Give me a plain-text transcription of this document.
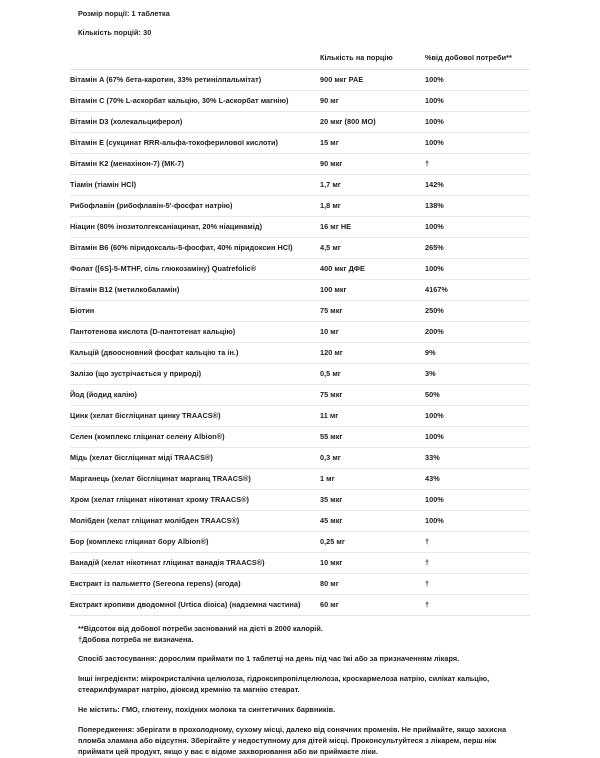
Розмір порції: 1 таблетка
Кількість порцій: 30
	Кількість на порцію	%від добової потреби**
Вітамін A (67% бета-каротин, 33% ретинілпальмітат)	900 мкг PAE	100%
Вітамін C (70% L-аскорбат кальцію, 30% L-аскорбат магнію)	90 мг	100%
Вітамін D3 (холекальциферол)	20 мкг (800 МО)	100%
Вітамін E (сукцинат RRR-альфа-токоферилової кислоти)	15 мг	100%
Вітамін K2 (менахінон-7) (МК-7)	90 мкг	†
Тіамін (тіамін HCl)	1,7 мг	142%
Рибофлавін (рибофлавін-5'-фосфат натрію)	1,8 мг	138%
Ніацин (80% інозитолгексаніацинат, 20% ніацинамід)	16 мг НЕ	100%
Вітамін B6 (60% піридоксаль-5-фосфат, 40% піридоксин HCl)	4,5 мг	265%
Фолат ([6S]-5-MTHF, сіль глюкозаміну) Quatrefolic®	400 мкг ДФЕ	100%
Вітамін B12 (метилкобаламін)	100 мкг	4167%
Біотин	75 мкг	250%
Пантотенова кислота (D-пантотенат кальцію)	10 мг	200%
Кальцій (двоосновний фосфат кальцію та ін.)	120 мг	9%
Залізо (що зустрічається у природі)	0,5 мг	3%
Йод (йодид калію)	75 мкг	50%
Цинк (хелат бісгліцинат цинку TRAACS®)	11 мг	100%
Селен (комплекс гліцинат селену Albion®)	55 мкг	100%
Мідь (хелат бісгліцинат міді TRAACS®)	0,3 мг	33%
Марганець (хелат бісгліцинат марганц TRAACS®)	1 мг	43%
Хром (хелат гліцинат нікотинат хрому TRAACS®)	35 мкг	100%
Молібден (хелат гліцинат молібден TRAACS®)	45 мкг	100%
Бор (комплекс гліцинат бору Albion®)	0,25 мг	†
Ванадій (хелат нікотинат гліцинат ванадія TRAACS®)	10 мкг	†
Екстракт із пальметто (Sereona repens) (ягода)	80 мг	†
Екстракт кропиви дводомної (Urtica dioica) (надземна частина)	60 мг	†
**Відсоток від добової потреби заснований на дієті в 2000 калорій.
†Добова потреба не визначена.
Спосіб застосування: дорослим приймати по 1 таблетці на день під час їжі або за призначенням лікаря.
Інші інгредієнти: мікрокристалічна целюлоза, гідроксипропілцелюлоза, кроскармелоза натрію, силікат кальцію, стеарилфумарат натрію, діоксид кремнію та магнію стеарат.
Не містить: ГМО, глютену, похідних молока та синтетичних барвників.
Попередження: зберігати в прохолодному, сухому місці, далеко від сонячних променів. Не приймайте, якщо захисна пломба зламана або відсутня. Зберігайте у недоступному для дітей місці. Проконсультуйтеся з лікарем, перш ніж приймати цей продукт, якщо у вас є відоме захворювання або ви приймаєте ліки.
